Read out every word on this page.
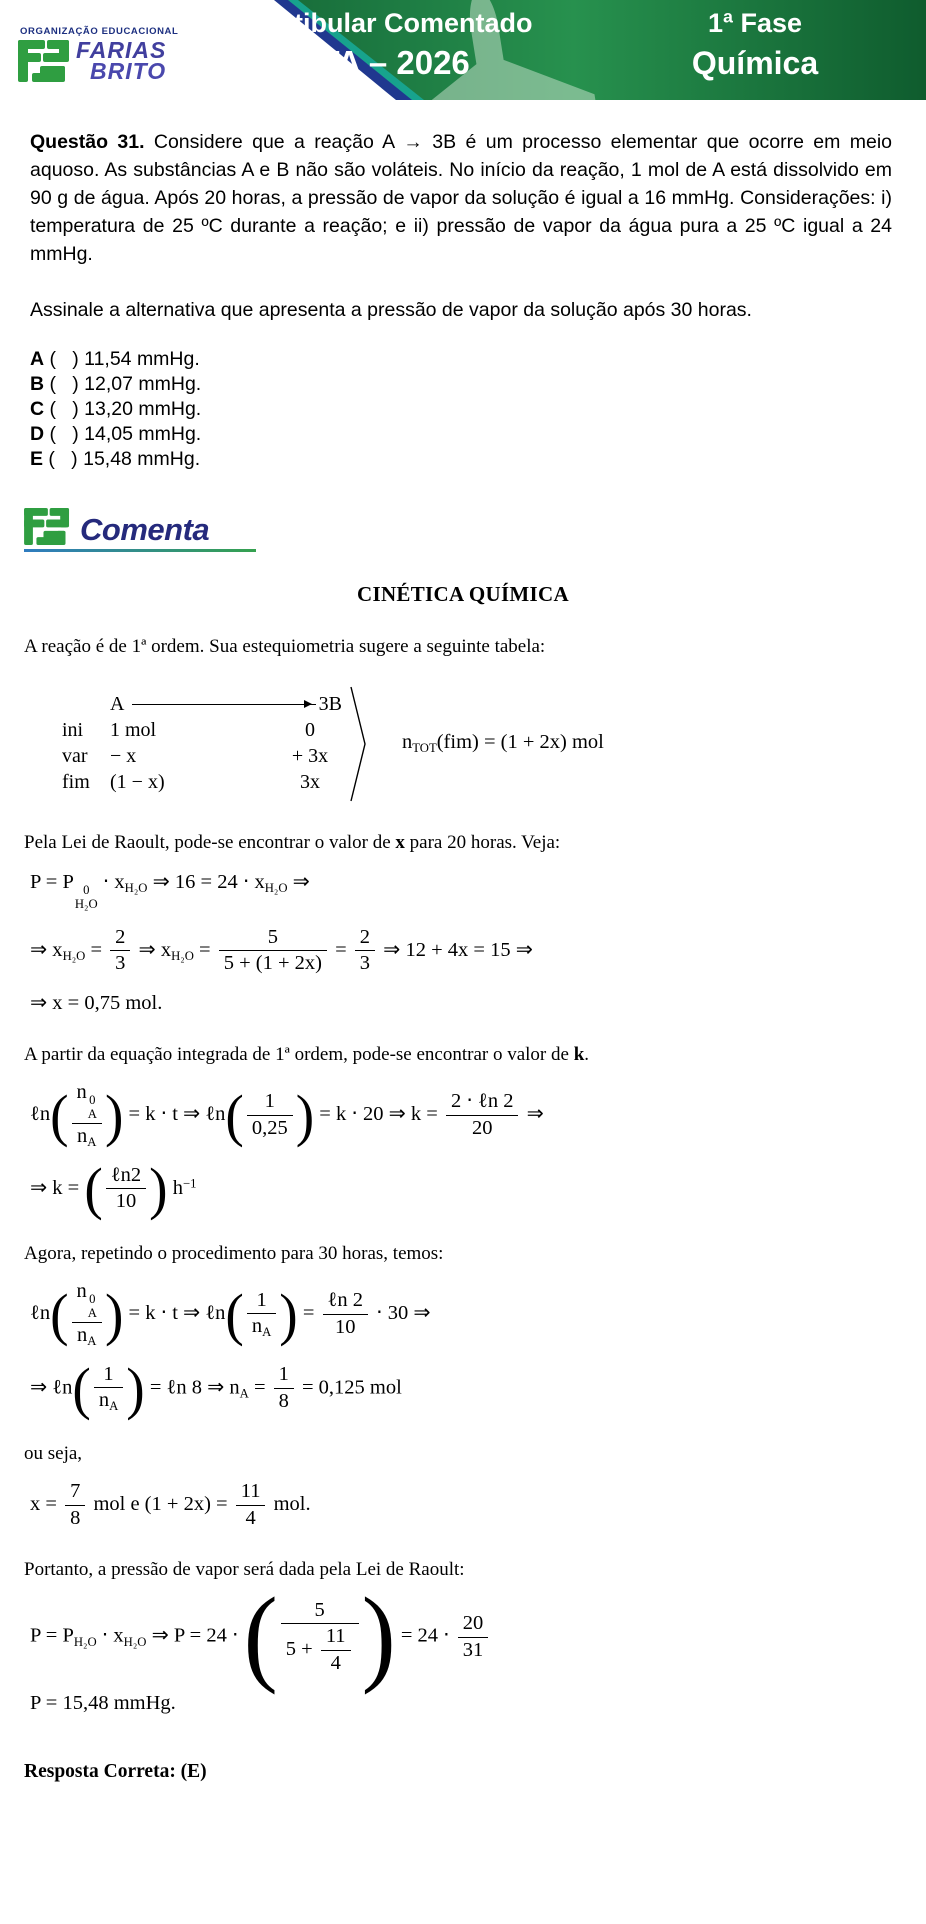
ORGANIZAÇÃO EDUCACIONAL
FARIAS
BRITO
Vestibular Comentado
ITA – 2026
1ª Fase
Química

Questão 31. Considere que a reação A → 3B é um processo elementar que ocorre em meio aquoso. As substâncias A e B não são voláteis. No início da reação, 1 mol de A está dissolvido em 90 g de água. Após 20 horas, a pressão de vapor da solução é igual a 16 mmHg. Considerações: i) temperatura de 25 ºC durante a reação; e ii) pressão de vapor da água pura a 25 ºC igual a 24 mmHg.

Assinale a alternativa que apresenta a pressão de vapor da solução após 30 horas.

A (   ) 11,54 mmHg.
B (   ) 12,07 mmHg.
C (   ) 13,20 mmHg.
D (   ) 14,05 mmHg.
E (   ) 15,48 mmHg.
Comenta
CINÉTICA QUÍMICA

A reação é de 1ª ordem. Sua estequiometria sugere a seguinte tabela:

A	3B
ini	1 mol	0
var	− x	+ 3x
fim	(1 − x)	3x
nTOT(fim) = (1 + 2x) mol

Pela Lei de Raoult, pode-se encontrar o valor de x para 20 horas. Veja:

P = P 0
H₂O
⋅ xH₂O ⇒ 16 = 24 ⋅ xH₂O ⇒
⇒ $xH_2O = \frac{2}{3}$ ⇒ $xH_2O = \frac{5}{5 + (1 + 2x)} = \frac{2}{3}$ ⇒ 12 + 4x = 15 ⇒
⇒ x = 0,75 mol.

A partir da equação integrada de 1ª ordem, pode-se encontrar o valor de k.

ℓn ( n 0
A
nA ) = k ⋅ t ⇒ ℓn (	1
0,25 ) = k ⋅ 20 ⇒ k =
2 ⋅ ℓn 2
20
⇒
⇒ k = ( ℓn2
10 ) $h^{-1}$

Agora, repetindo o procedimento para 30 horas, temos:

ℓn ( n 0
A
nA ) = k ⋅ t ⇒ ℓn ( 1
nA ) =
ℓn 2
10
⋅ 30 ⇒
⇒ ℓn ( 1
nA ) = ℓn 8 ⇒ nA = $\frac{1}{8} = 0,125$ mol

ou seja,

$x = \frac{7}{8}$ mol e $(1 + 2x) = \frac{11}{4}$ mol.

Portanto, a pressão de vapor será dada pela Lei de Raoult:

P = PH₂O ⋅ xH₂O ⇒ P = 24 ⋅ (	5
$5 + \frac{11}{4}$ ) = $24 \cdot \frac{20}{31}$
P = 15,48 mmHg.
Resposta Correta: (E)
